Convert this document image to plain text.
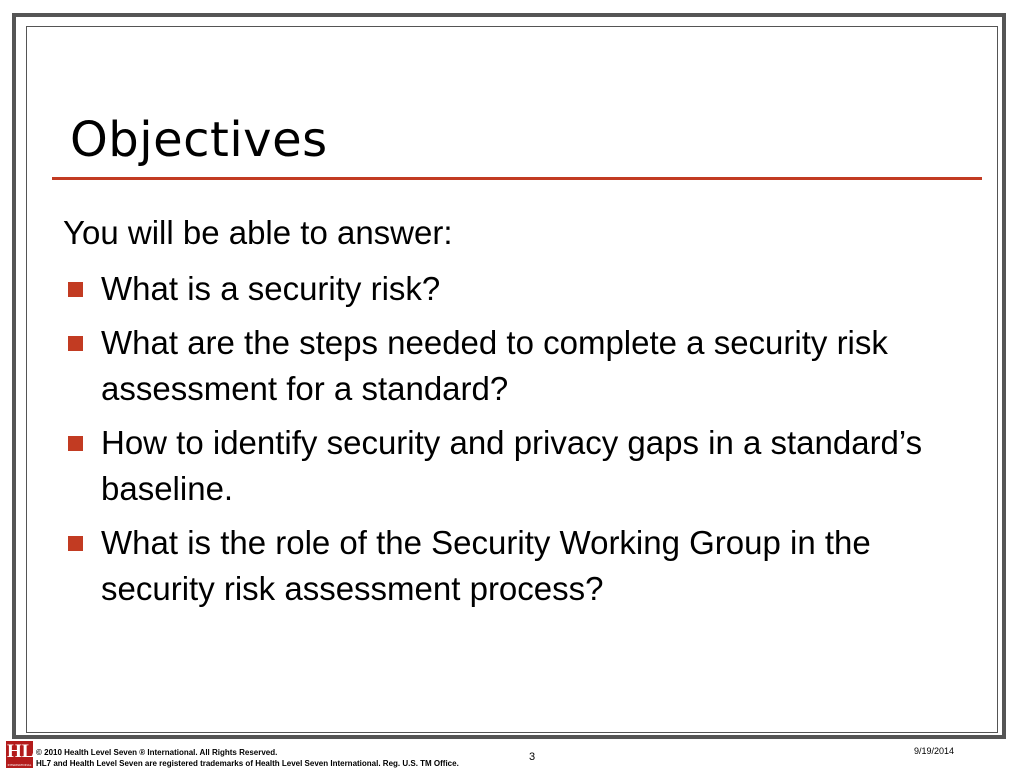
Objectives
You will be able to answer:
What is a security risk?
What are the steps needed to complete a security risk assessment for a standard?
How to identify security and privacy gaps in a standard’s baseline.
What is the role of the Security Working Group in the security risk assessment process?
HL7
INTERNATIONAL
© 2010 Health Level Seven ® International. All Rights Reserved.
HL7 and Health Level Seven are registered trademarks of Health Level Seven International. Reg. U.S. TM Office.
3	9/19/2014
